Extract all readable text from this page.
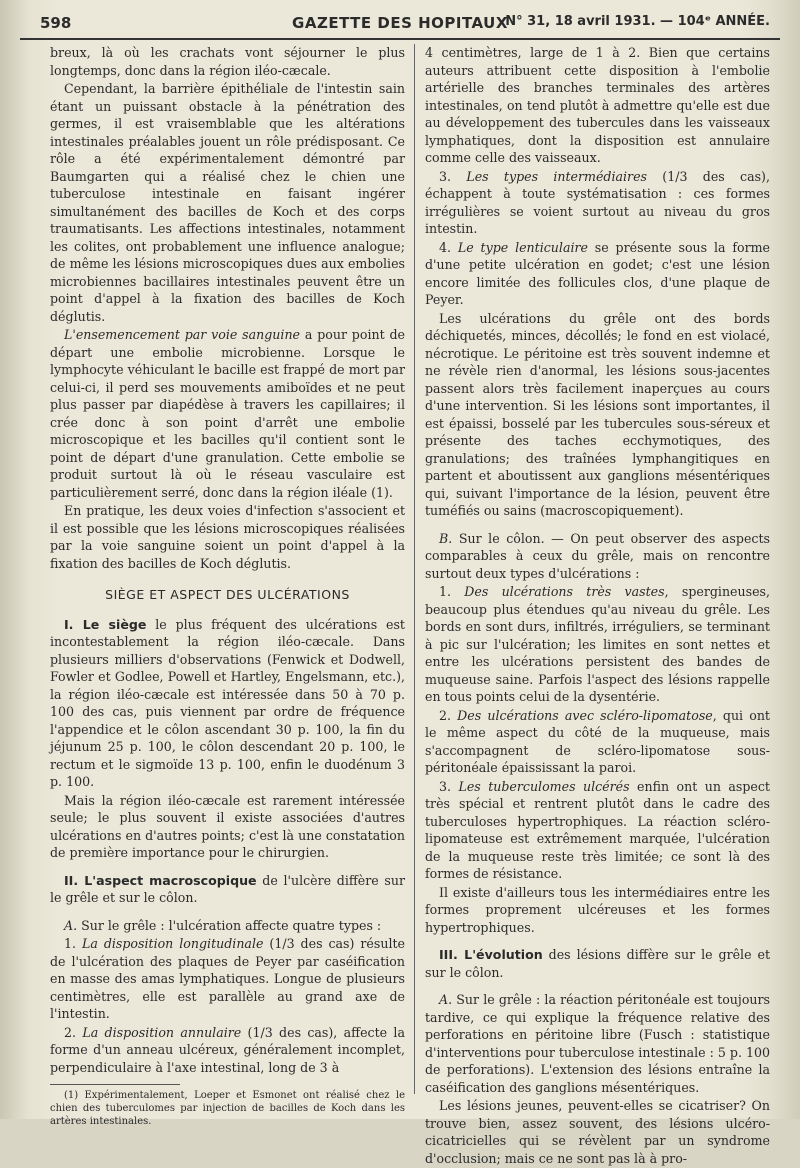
598	GAZETTE DES HOPITAUX
N° 31, 18 avril 1931. — 104ᵉ ANNÉE.

breux, là où les crachats vont séjourner le plus longtemps, donc dans la région iléo-cæcale.

Cependant, la barrière épithéliale de l'intestin sain étant un puissant obstacle à la pénétration des germes, il est vraisemblable que les altérations intestinales préalables jouent un rôle prédisposant. Ce rôle a été expérimentalement démontré par Baumgarten qui a réalisé chez le chien une tuberculose intestinale en faisant ingérer simultanément des bacilles de Koch et des corps traumatisants. Les affections intestinales, notamment les colites, ont probablement une influence analogue; de même les lésions microscopiques dues aux embolies microbiennes bacillaires intestinales peuvent être un point d'appel à la fixation des bacilles de Koch déglutis.

L'ensemencement par voie sanguine a pour point de départ une embolie microbienne. Lorsque le lymphocyte véhiculant le bacille est frappé de mort par celui-ci, il perd ses mouvements amiboïdes et ne peut plus passer par diapédèse à travers les capillaires; il crée donc à son point d'arrêt une embolie microscopique et les bacilles qu'il contient sont le point de départ d'une granulation. Cette embolie se produit surtout là où le réseau vasculaire est particulièrement serré, donc dans la région iléale (1).

En pratique, les deux voies d'infection s'associent et il est possible que les lésions microscopiques réalisées par la voie sanguine soient un point d'appel à la fixation des bacilles de Koch déglutis.

SIÈGE ET ASPECT DES ULCÉRATIONS

I. Le siège le plus fréquent des ulcérations est incontestablement la région iléo-cæcale. Dans plusieurs milliers d'observations (Fenwick et Dodwell, Fowler et Godlee, Powell et Hartley, Engelsmann, etc.), la région iléo-cæcale est intéressée dans 50 à 70 p. 100 des cas, puis viennent par ordre de fréquence l'appendice et le côlon ascendant 30 p. 100, la fin du jéjunum 25 p. 100, le côlon descendant 20 p. 100, le rectum et le sigmoïde 13 p. 100, enfin le duodénum 3 p. 100.

Mais la région iléo-cæcale est rarement intéressée seule; le plus souvent il existe associées d'autres ulcérations en d'autres points; c'est là une constatation de première importance pour le chirurgien.

II. L'aspect macroscopique de l'ulcère diffère sur le grêle et sur le côlon.

A. Sur le grêle : l'ulcération affecte quatre types :

1. La disposition longitudinale (1/3 des cas) résulte de l'ulcération des plaques de Peyer par caséification en masse des amas lymphatiques. Longue de plusieurs centimètres, elle est parallèle au grand axe de l'intestin.

2. La disposition annulaire (1/3 des cas), affecte la forme d'un anneau ulcéreux, généralement incomplet, perpendiculaire à l'axe intestinal, long de 3 à

(1) Expérimentalement, Loeper et Esmonet ont réalisé chez le chien des tuberculomes par injection de bacilles de Koch dans les artères intestinales.

4 centimètres, large de 1 à 2. Bien que certains auteurs attribuent cette disposition à l'embolie artérielle des branches terminales des artères intestinales, on tend plutôt à admettre qu'elle est due au développement des tubercules dans les vaisseaux lymphatiques, dont la disposition est annulaire comme celle des vaisseaux.

3. Les types intermédiaires (1/3 des cas), échappent à toute systématisation : ces formes irrégulières se voient surtout au niveau du gros intestin.

4. Le type lenticulaire se présente sous la forme d'une petite ulcération en godet; c'est une lésion encore limitée des follicules clos, d'une plaque de Peyer.

Les ulcérations du grêle ont des bords déchiquetés, minces, décollés; le fond en est violacé, nécrotique. Le péritoine est très souvent indemne et ne révèle rien d'anormal, les lésions sous-jacentes passent alors très facilement inaperçues au cours d'une intervention. Si les lésions sont importantes, il est épaissi, bosselé par les tubercules sous-séreux et présente des taches ecchymotiques, des granulations; des traînées lymphangitiques en partent et aboutissent aux ganglions mésentériques qui, suivant l'importance de la lésion, peuvent être tuméfiés ou sains (macroscopiquement).

B. Sur le côlon. — On peut observer des aspects comparables à ceux du grêle, mais on rencontre surtout deux types d'ulcérations :

1. Des ulcérations très vastes, spergineuses, beaucoup plus étendues qu'au niveau du grêle. Les bords en sont durs, infiltrés, irréguliers, se terminant à pic sur l'ulcération; les limites en sont nettes et entre les ulcérations persistent des bandes de muqueuse saine. Parfois l'aspect des lésions rappelle en tous points celui de la dysentérie.

2. Des ulcérations avec scléro-lipomatose, qui ont le même aspect du côté de la muqueuse, mais s'accompagnent de scléro-lipomatose sous-péritonéale épaississant la paroi.

3. Les tuberculomes ulcérés enfin ont un aspect très spécial et rentrent plutôt dans le cadre des tuberculoses hypertrophiques. La réaction scléro-lipomateuse est extrêmement marquée, l'ulcération de la muqueuse reste très limitée; ce sont là des formes de résistance.

Il existe d'ailleurs tous les intermédiaires entre les formes proprement ulcéreuses et les formes hypertrophiques.

III. L'évolution des lésions diffère sur le grêle et sur le côlon.

A. Sur le grêle : la réaction péritonéale est toujours tardive, ce qui explique la fréquence relative des perforations en péritoine libre (Fusch : statistique d'interventions pour tuberculose intestinale : 5 p. 100 de perforations). L'extension des lésions entraîne la caséification des ganglions mésentériques.

Les lésions jeunes, peuvent-elles se cicatriser? On trouve bien, assez souvent, des lésions ulcéro-cicatricielles qui se révèlent par un syndrome d'occlusion; mais ce ne sont pas là à pro-
